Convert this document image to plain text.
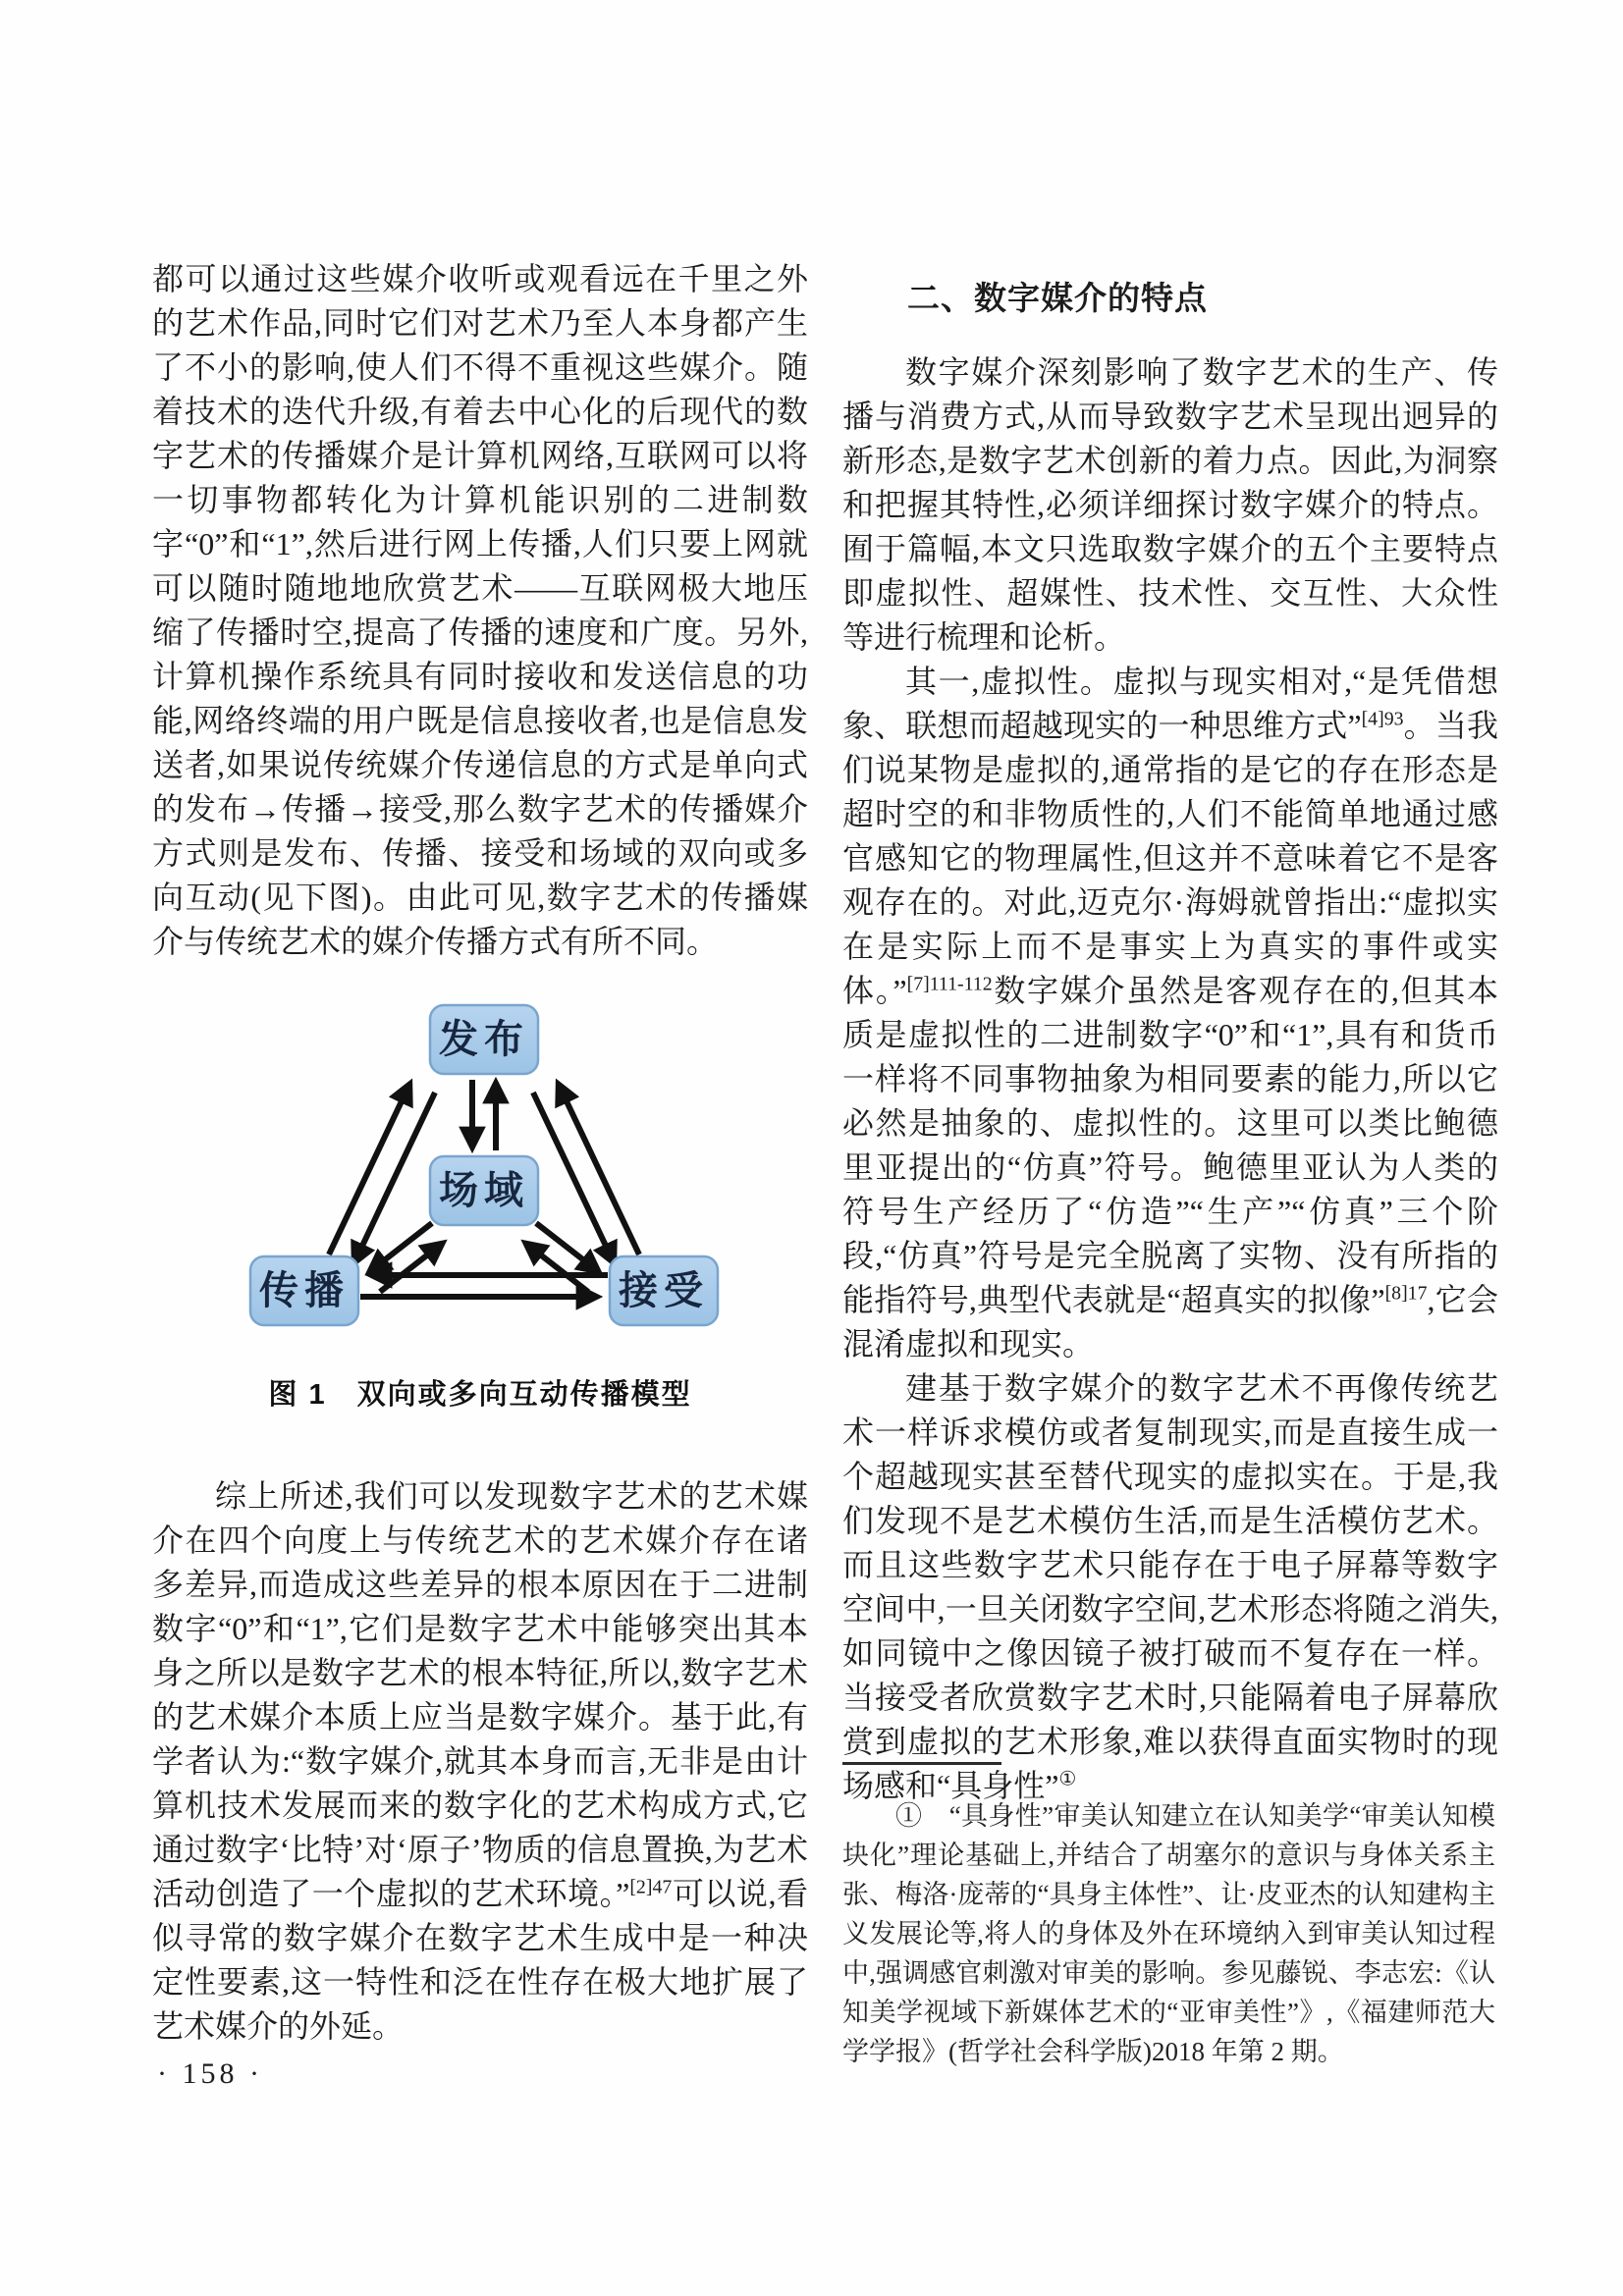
都可以通过这些媒介收听或观看远在千里之外的艺术作品,同时它们对艺术乃至人本身都产生了不小的影响,使人们不得不重视这些媒介。随着技术的迭代升级,有着去中心化的后现代的数字艺术的传播媒介是计算机网络,互联网可以将一切事物都转化为计算机能识别的二进制数字“0”和“1”,然后进行网上传播,人们只要上网就可以随时随地地欣赏艺术——互联网极大地压缩了传播时空,提高了传播的速度和广度。另外,计算机操作系统具有同时接收和发送信息的功能,网络终端的用户既是信息接收者,也是信息发送者,如果说传统媒介传递信息的方式是单向式的发布→传播→接受,那么数字艺术的传播媒介方式则是发布、传播、接受和场域的双向或多向互动(见下图)。由此可见,数字艺术的传播媒介与传统艺术的媒介传播方式有所不同。

发布
场域
传播	接受
图 1　双向或多向互动传播模型

综上所述,我们可以发现数字艺术的艺术媒介在四个向度上与传统艺术的艺术媒介存在诸多差异,而造成这些差异的根本原因在于二进制数字“0”和“1”,它们是数字艺术中能够突出其本身之所以是数字艺术的根本特征,所以,数字艺术的艺术媒介本质上应当是数字媒介。基于此,有学者认为:“数字媒介,就其本身而言,无非是由计算机技术发展而来的数字化的艺术构成方式,它通过数字‘比特’对‘原子’物质的信息置换,为艺术活动创造了一个虚拟的艺术环境。”$^{[2]47}$可以说,看似寻常的数字媒介在数字艺术生成中是一种决定性要素,这一特性和泛在性存在极大地扩展了艺术媒介的外延。

二、数字媒介的特点

数字媒介深刻影响了数字艺术的生产、传播与消费方式,从而导致数字艺术呈现出迥异的新形态,是数字艺术创新的着力点。因此,为洞察和把握其特性,必须详细探讨数字媒介的特点。囿于篇幅,本文只选取数字媒介的五个主要特点即虚拟性、超媒性、技术性、交互性、大众性等进行梳理和论析。

其一,虚拟性。虚拟与现实相对,“是凭借想象、联想而超越现实的一种思维方式”$^{[4]93}$。当我们说某物是虚拟的,通常指的是它的存在形态是超时空的和非物质性的,人们不能简单地通过感官感知它的物理属性,但这并不意味着它不是客观存在的。对此,迈克尔·海姆就曾指出:“虚拟实在是实际上而不是事实上为真实的事件或实体。”$^{[7]111-112}$数字媒介虽然是客观存在的,但其本质是虚拟性的二进制数字“0”和“1”,具有和货币一样将不同事物抽象为相同要素的能力,所以它必然是抽象的、虚拟性的。这里可以类比鲍德里亚提出的“仿真”符号。鲍德里亚认为人类的符号生产经历了“仿造”“生产”“仿真”三个阶段,“仿真”符号是完全脱离了实物、没有所指的能指符号,典型代表就是“超真实的拟像”$^{[8]17}$,它会混淆虚拟和现实。

建基于数字媒介的数字艺术不再像传统艺术一样诉求模仿或者复制现实,而是直接生成一个超越现实甚至替代现实的虚拟实在。于是,我们发现不是艺术模仿生活,而是生活模仿艺术。而且这些数字艺术只能存在于电子屏幕等数字空间中,一旦关闭数字空间,艺术形态将随之消失,如同镜中之像因镜子被打破而不复存在一样。当接受者欣赏数字艺术时,只能隔着电子屏幕欣赏到虚拟的艺术形象,难以获得直面实物时的现场感和“具身性”①

①　“具身性”审美认知建立在认知美学“审美认知模块化”理论基础上,并结合了胡塞尔的意识与身体关系主张、梅洛·庞蒂的“具身主体性”、让·皮亚杰的认知建构主义发展论等,将人的身体及外在环境纳入到审美认知过程中,强调感官刺激对审美的影响。参见藤锐、李志宏:《认知美学视域下新媒体艺术的“亚审美性”》,《福建师范大学学报》(哲学社会科学版)2018 年第 2 期。

· 158 ·
